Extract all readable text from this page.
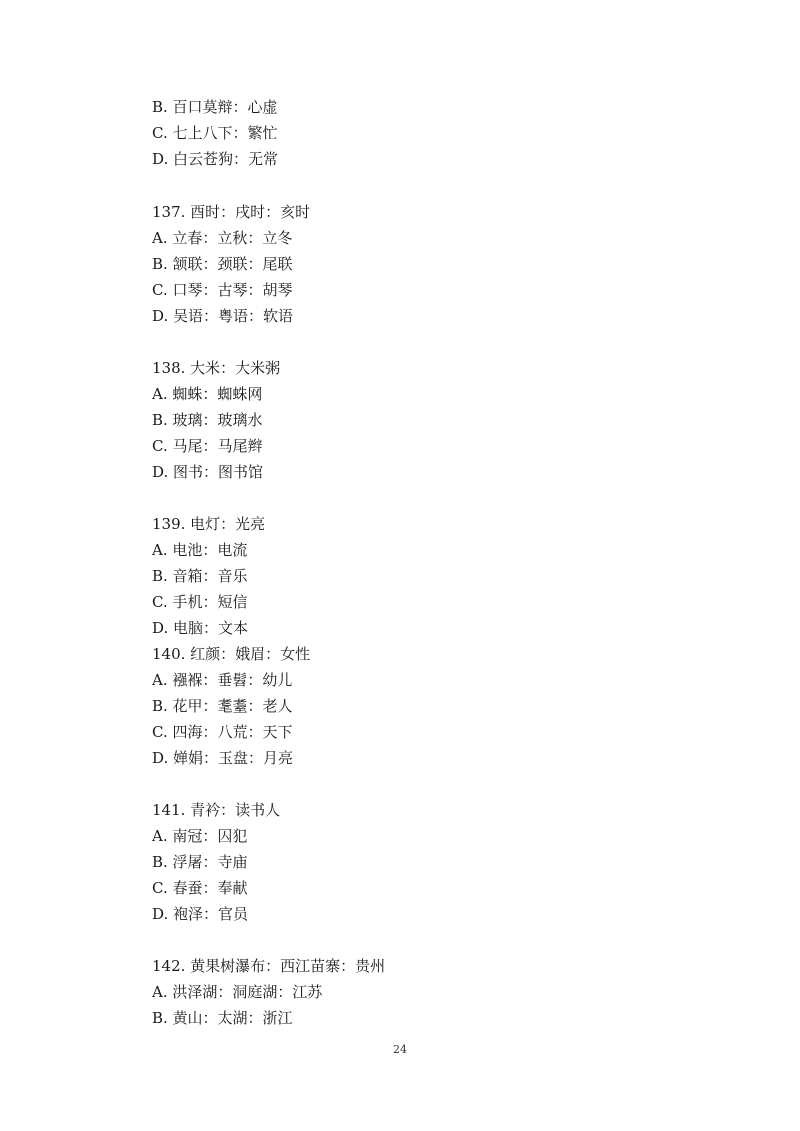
B. 百口莫辩：心虚
C. 七上八下：繁忙
D. 白云苍狗：无常
137. 酉时：戌时：亥时
A. 立春：立秋：立冬
B. 颔联：颈联：尾联
C. 口琴：古琴：胡琴
D. 吴语：粤语：软语
138. 大米：大米粥
A. 蜘蛛：蜘蛛网
B. 玻璃：玻璃水
C. 马尾：马尾辫
D. 图书：图书馆
139. 电灯：光亮
A. 电池：电流
B. 音箱：音乐
C. 手机：短信
D. 电脑：文本
140. 红颜：娥眉：女性
A. 襁褓：垂髫：幼儿
B. 花甲：耄耋：老人
C. 四海：八荒：天下
D. 婵娟：玉盘：月亮
141. 青衿：读书人
A. 南冠：囚犯
B. 浮屠：寺庙
C. 春蚕：奉献
D. 袍泽：官员
142. 黄果树瀑布：西江苗寨：贵州
A. 洪泽湖：洞庭湖：江苏
B. 黄山：太湖：浙江
24
